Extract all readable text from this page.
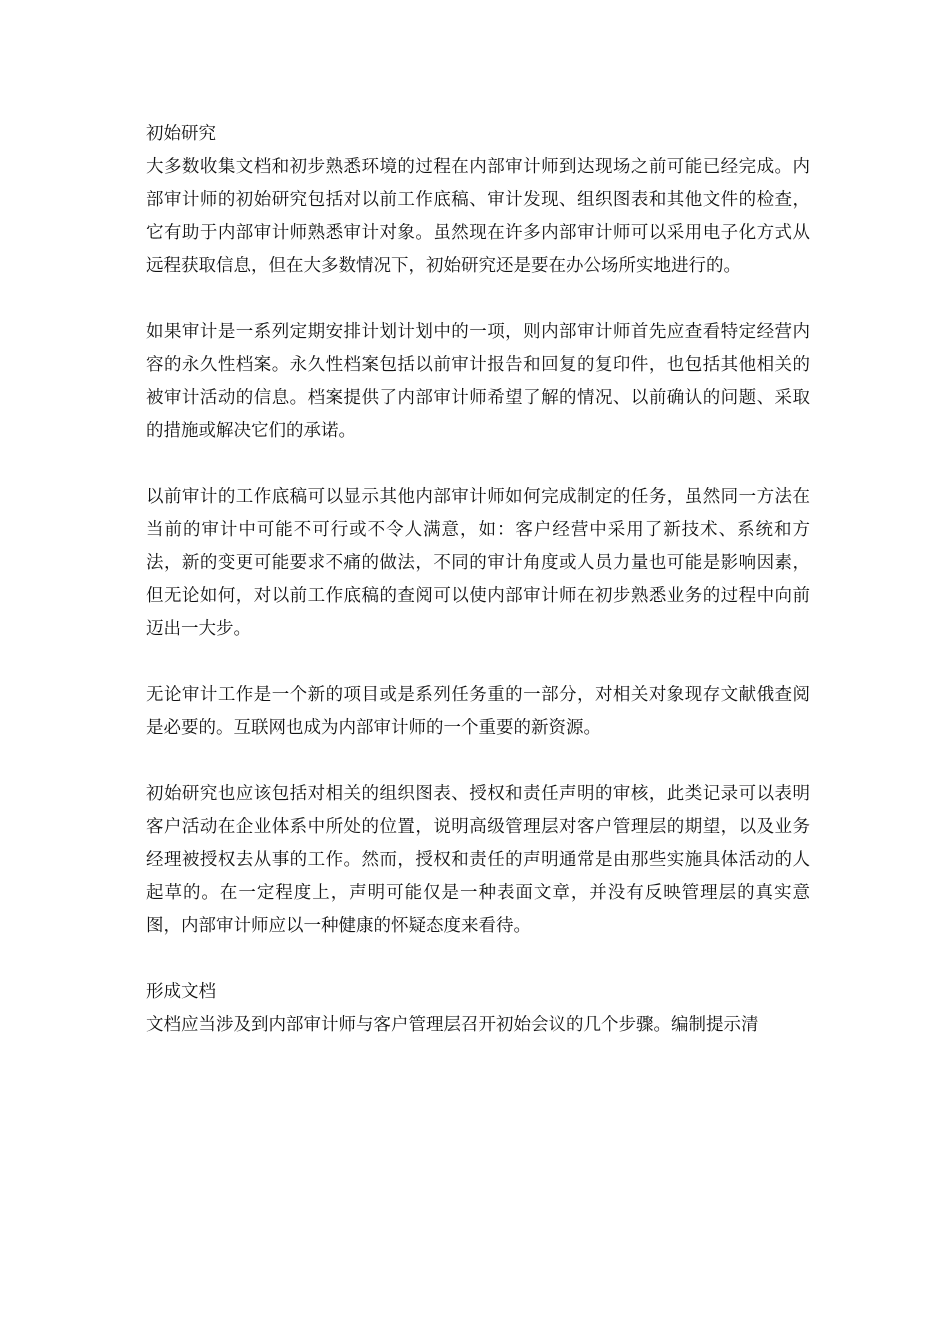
初始研究

大多数收集文档和初步熟悉环境的过程在内部审计师到达现场之前可能已经完成。内部审计师的初始研究包括对以前工作底稿、审计发现、组织图表和其他文件的检查，它有助于内部审计师熟悉审计对象。虽然现在许多内部审计师可以采用电子化方式从远程获取信息，但在大多数情况下，初始研究还是要在办公场所实地进行的。

如果审计是一系列定期安排计划计划中的一项，则内部审计师首先应查看特定经营内容的永久性档案。永久性档案包括以前审计报告和回复的复印件，也包括其他相关的被审计活动的信息。档案提供了内部审计师希望了解的情况、以前确认的问题、采取的措施或解决它们的承诺。

以前审计的工作底稿可以显示其他内部审计师如何完成制定的任务，虽然同一方法在当前的审计中可能不可行或不令人满意，如：客户经营中采用了新技术、系统和方法，新的变更可能要求不痛的做法，不同的审计角度或人员力量也可能是影响因素，但无论如何，对以前工作底稿的查阅可以使内部审计师在初步熟悉业务的过程中向前迈出一大步。

无论审计工作是一个新的项目或是系列任务重的一部分，对相关对象现存文献俄查阅是必要的。互联网也成为内部审计师的一个重要的新资源。

初始研究也应该包括对相关的组织图表、授权和责任声明的审核，此类记录可以表明客户活动在企业体系中所处的位置，说明高级管理层对客户管理层的期望，以及业务经理被授权去从事的工作。然而，授权和责任的声明通常是由那些实施具体活动的人起草的。在一定程度上，声明可能仅是一种表面文章，并没有反映管理层的真实意图，内部审计师应以一种健康的怀疑态度来看待。

形成文档

文档应当涉及到内部审计师与客户管理层召开初始会议的几个步骤。编制提示清
